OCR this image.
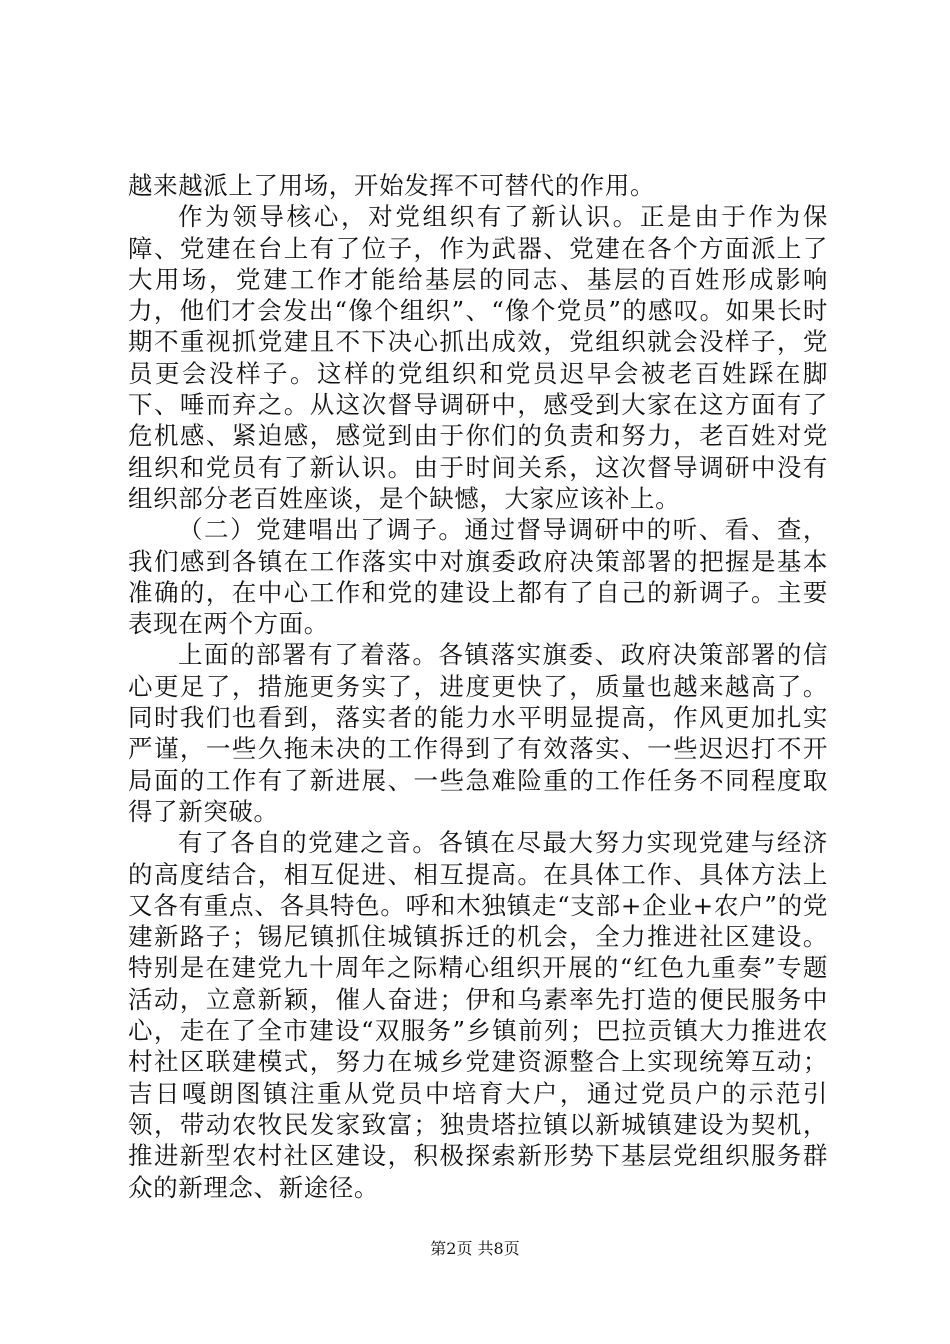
越来越派上了用场，开始发挥不可替代的作用。

作为领导核心，对党组织有了新认识。正是由于作为保障、党建在台上有了位子，作为武器、党建在各个方面派上了大用场，党建工作才能给基层的同志、基层的百姓形成影响力，他们才会发出“像个组织”、“像个党员”的感叹。如果长时期不重视抓党建且不下决心抓出成效，党组织就会没样子，党员更会没样子。这样的党组织和党员迟早会被老百姓踩在脚下、唾而弃之。从这次督导调研中，感受到大家在这方面有了危机感、紧迫感，感觉到由于你们的负责和努力，老百姓对党组织和党员有了新认识。由于时间关系，这次督导调研中没有组织部分老百姓座谈，是个缺憾，大家应该补上。

（二）党建唱出了调子。通过督导调研中的听、看、查，我们感到各镇在工作落实中对旗委政府决策部署的把握是基本准确的，在中心工作和党的建设上都有了自己的新调子。主要表现在两个方面。

上面的部署有了着落。各镇落实旗委、政府决策部署的信心更足了，措施更务实了，进度更快了，质量也越来越高了。同时我们也看到，落实者的能力水平明显提高，作风更加扎实严谨，一些久拖未决的工作得到了有效落实、一些迟迟打不开局面的工作有了新进展、一些急难险重的工作任务不同程度取得了新突破。

有了各自的党建之音。各镇在尽最大努力实现党建与经济的高度结合，相互促进、相互提高。在具体工作、具体方法上又各有重点、各具特色。呼和木独镇走“支部+企业+农户”的党建新路子；锡尼镇抓住城镇拆迁的机会，全力推进社区建设。特别是在建党九十周年之际精心组织开展的“红色九重奏”专题活动，立意新颖，催人奋进；伊和乌素率先打造的便民服务中心，走在了全市建设“双服务”乡镇前列；巴拉贡镇大力推进农村社区联建模式，努力在城乡党建资源整合上实现统筹互动；吉日嘎朗图镇注重从党员中培育大户，通过党员户的示范引领，带动农牧民发家致富；独贵塔拉镇以新城镇建设为契机，推进新型农村社区建设，积极探索新形势下基层党组织服务群众的新理念、新途径。

第2页 共8页
